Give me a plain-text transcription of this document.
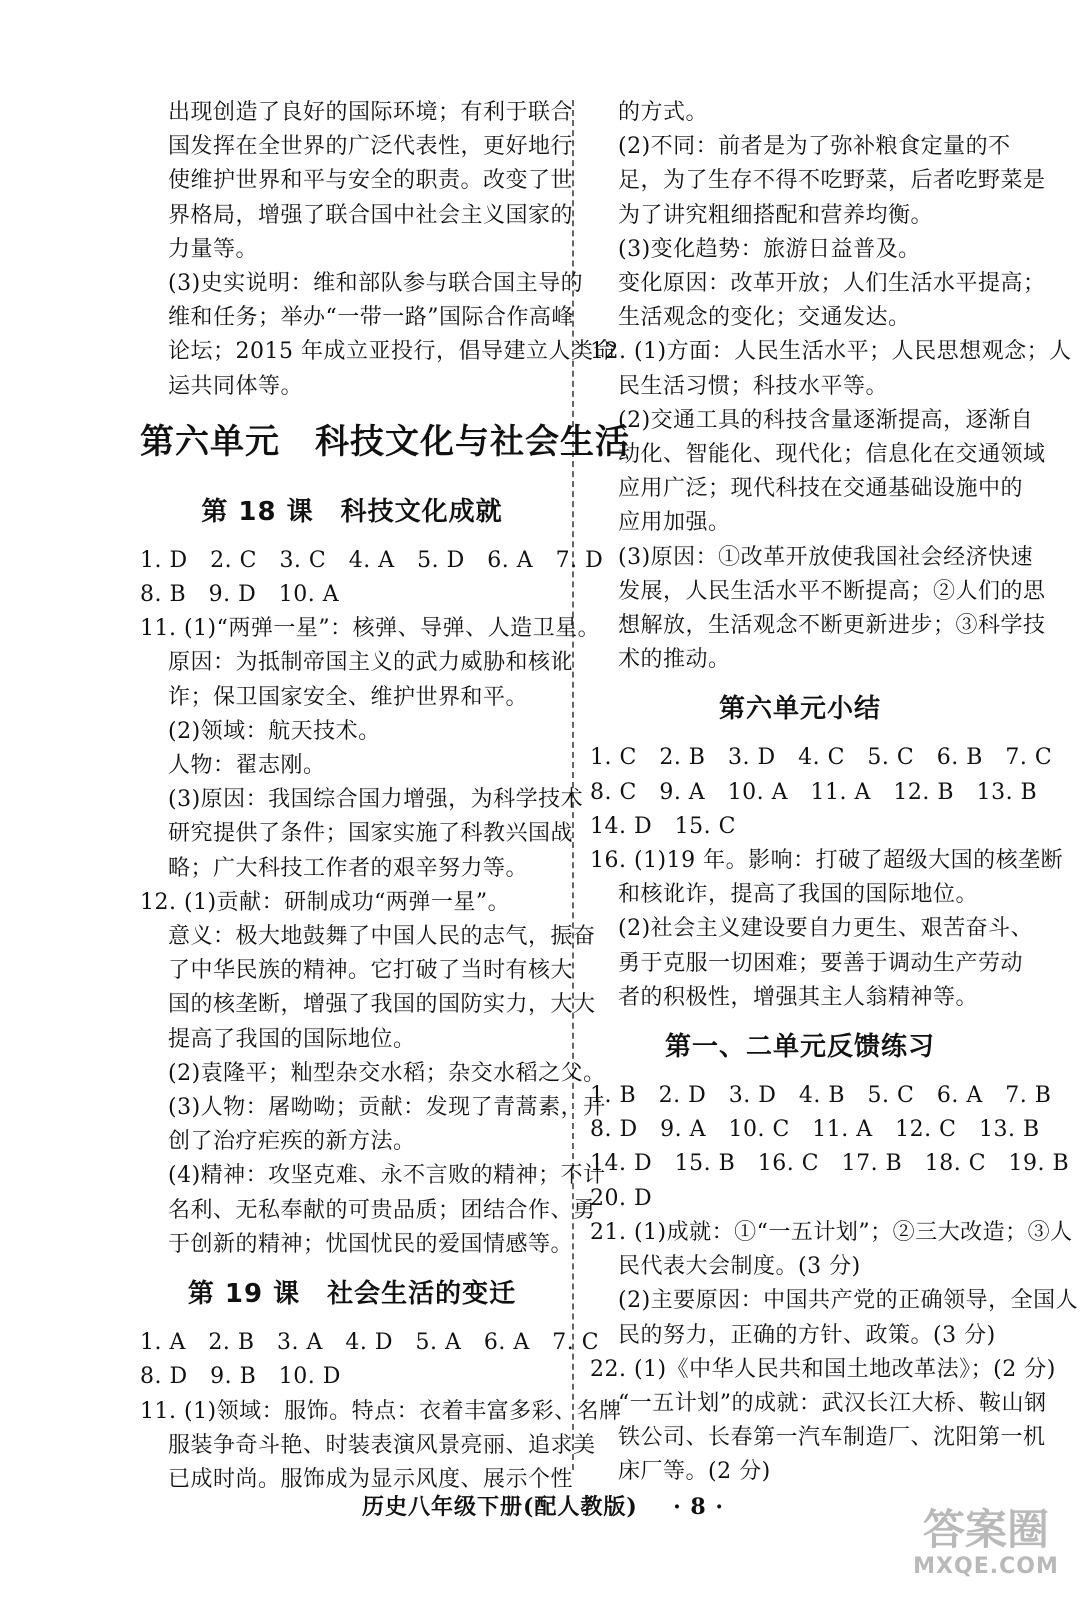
出现创造了良好的国际环境；有利于联合
国发挥在全世界的广泛代表性，更好地行
使维护世界和平与安全的职责。改变了世
界格局，增强了联合国中社会主义国家的
力量等。
(3)史实说明：维和部队参与联合国主导的
维和任务；举办“一带一路”国际合作高峰
论坛；2015 年成立亚投行，倡导建立人类命
运共同体等。
第六单元　科技文化与社会生活
第 18 课　科技文化成就
1. D　2. C　3. C　4. A　5. D　6. A　7. D
8. B　9. D　10. A
11. (1)“两弹一星”：核弹、导弹、人造卫星。
原因：为抵制帝国主义的武力威胁和核讹
诈；保卫国家安全、维护世界和平。
(2)领域：航天技术。
人物：翟志刚。
(3)原因：我国综合国力增强，为科学技术
研究提供了条件；国家实施了科教兴国战
略；广大科技工作者的艰辛努力等。
12. (1)贡献：研制成功“两弹一星”。
意义：极大地鼓舞了中国人民的志气，振奋
了中华民族的精神。它打破了当时有核大
国的核垄断，增强了我国的国防实力，大大
提高了我国的国际地位。
(2)袁隆平；籼型杂交水稻；杂交水稻之父。
(3)人物：屠呦呦；贡献：发现了青蒿素，开
创了治疗疟疾的新方法。
(4)精神：攻坚克难、永不言败的精神；不计
名利、无私奉献的可贵品质；团结合作、勇
于创新的精神；忧国忧民的爱国情感等。
第 19 课　社会生活的变迁
1. A　2. B　3. A　4. D　5. A　6. A　7. C
8. D　9. B　10. D
11. (1)领域：服饰。特点：衣着丰富多彩、名牌
服装争奇斗艳、时装表演风景亮丽、追求美
已成时尚。服饰成为显示风度、展示个性
的方式。
(2)不同：前者是为了弥补粮食定量的不
足，为了生存不得不吃野菜，后者吃野菜是
为了讲究粗细搭配和营养均衡。
(3)变化趋势：旅游日益普及。
变化原因：改革开放；人们生活水平提高；
生活观念的变化；交通发达。
12. (1)方面：人民生活水平；人民思想观念；人
民生活习惯；科技水平等。
(2)交通工具的科技含量逐渐提高，逐渐自
动化、智能化、现代化；信息化在交通领域
应用广泛；现代科技在交通基础设施中的
应用加强。
(3)原因：①改革开放使我国社会经济快速
发展，人民生活水平不断提高；②人们的思
想解放，生活观念不断更新进步；③科学技
术的推动。
第六单元小结
1. C　2. B　3. D　4. C　5. C　6. B　7. C
8. C　9. A　10. A　11. A　12. B　13. B
14. D　15. C
16. (1)19 年。影响：打破了超级大国的核垄断
和核讹诈，提高了我国的国际地位。
(2)社会主义建设要自力更生、艰苦奋斗、
勇于克服一切困难；要善于调动生产劳动
者的积极性，增强其主人翁精神等。
第一、二单元反馈练习
1. B　2. D　3. D　4. B　5. C　6. A　7. B
8. D　9. A　10. C　11. A　12. C　13. B
14. D　15. B　16. C　17. B　18. C　19. B
20. D
21. (1)成就：①“一五计划”；②三大改造；③人
民代表大会制度。(3 分)
(2)主要原因：中国共产党的正确领导，全国人
民的努力，正确的方针、政策。(3 分)
22. (1)《中华人民共和国土地改革法》；(2 分)
“一五计划”的成就：武汉长江大桥、鞍山钢
铁公司、长春第一汽车制造厂、沈阳第一机
床厂等。(2 分)
历史八年级下册(配人教版) · 8 ·	答案圈
MXQE.COM
